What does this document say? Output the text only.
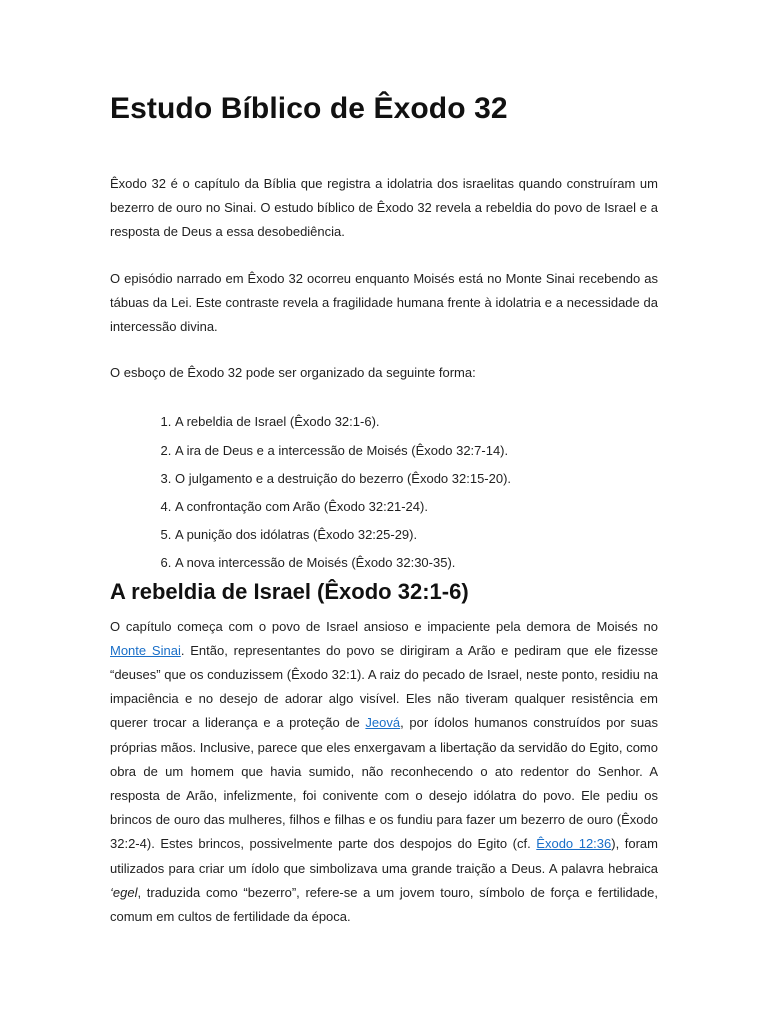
Estudo Bíblico de Êxodo 32

Êxodo 32 é o capítulo da Bíblia que registra a idolatria dos israelitas quando construíram um bezerro de ouro no Sinai. O estudo bíblico de Êxodo 32 revela a rebeldia do povo de Israel e a resposta de Deus a essa desobediência.

O episódio narrado em Êxodo 32 ocorreu enquanto Moisés está no Monte Sinai recebendo as tábuas da Lei. Este contraste revela a fragilidade humana frente à idolatria e a necessidade da intercessão divina.

O esboço de Êxodo 32 pode ser organizado da seguinte forma:

1. A rebeldia de Israel (Êxodo 32:1-6).
2. A ira de Deus e a intercessão de Moisés (Êxodo 32:7-14).
3. O julgamento e a destruição do bezerro (Êxodo 32:15-20).
4. A confrontação com Arão (Êxodo 32:21-24).
5. A punição dos idólatras (Êxodo 32:25-29).
6. A nova intercessão de Moisés (Êxodo 32:30-35).
A rebeldia de Israel (Êxodo 32:1-6)

O capítulo começa com o povo de Israel ansioso e impaciente pela demora de Moisés no Monte Sinai. Então, representantes do povo se dirigiram a Arão e pediram que ele fizesse “deuses” que os conduzissem (Êxodo 32:1). A raiz do pecado de Israel, neste ponto, residiu na impaciência e no desejo de adorar algo visível. Eles não tiveram qualquer resistência em querer trocar a liderança e a proteção de Jeová, por ídolos humanos construídos por suas próprias mãos. Inclusive, parece que eles enxergavam a libertação da servidão do Egito, como obra de um homem que havia sumido, não reconhecendo o ato redentor do Senhor. A resposta de Arão, infelizmente, foi conivente com o desejo idólatra do povo. Ele pediu os brincos de ouro das mulheres, filhos e filhas e os fundiu para fazer um bezerro de ouro (Êxodo 32:2-4). Estes brincos, possivelmente parte dos despojos do Egito (cf. Êxodo 12:36), foram utilizados para criar um ídolo que simbolizava uma grande traição a Deus. A palavra hebraica ‘egel, traduzida como “bezerro”, refere-se a um jovem touro, símbolo de força e fertilidade, comum em cultos de fertilidade da época.
